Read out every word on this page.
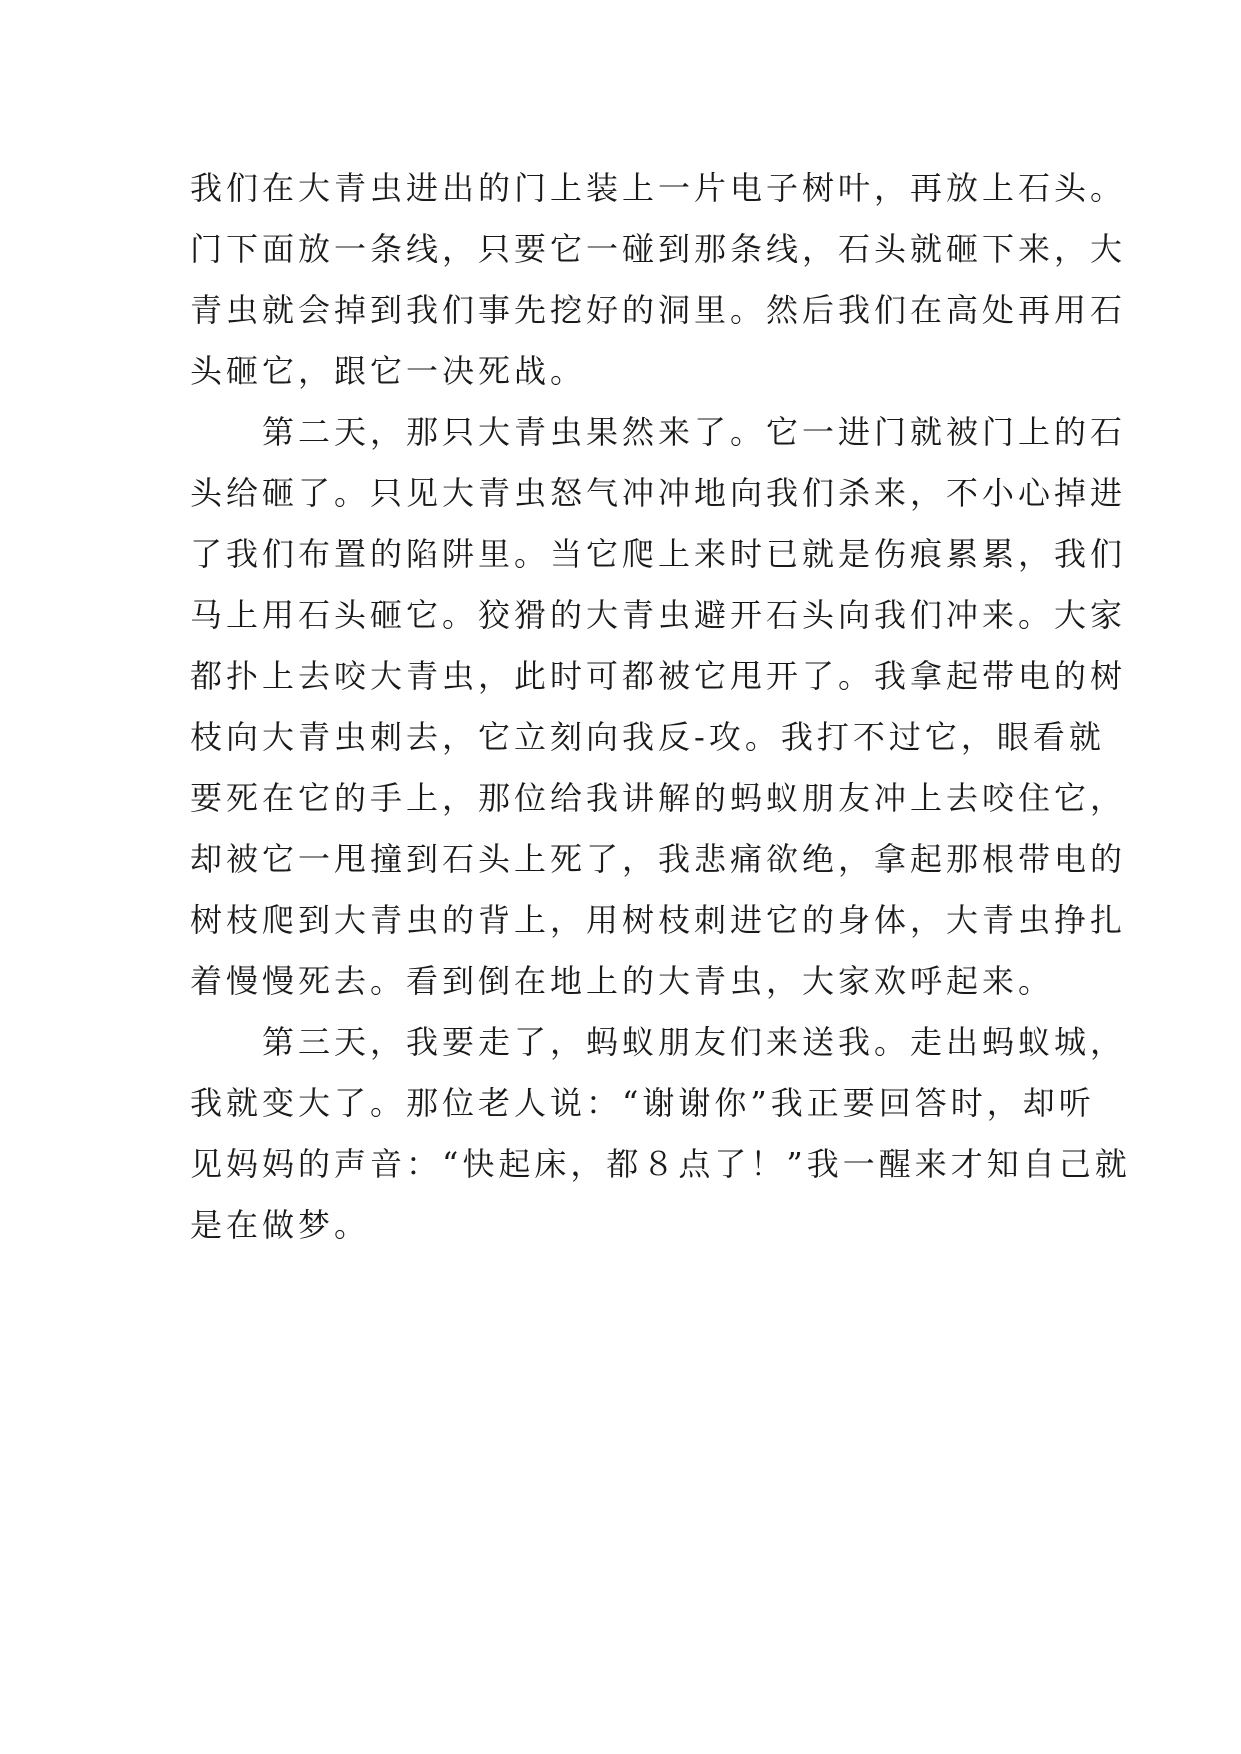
我们在大青虫进出的门上装上一片电子树叶，再放上石头。
门下面放一条线，只要它一碰到那条线，石头就砸下来，大
青虫就会掉到我们事先挖好的洞里。然后我们在高处再用石
头砸它，跟它一决死战。
　　第二天，那只大青虫果然来了。它一进门就被门上的石
头给砸了。只见大青虫怒气冲冲地向我们杀来，不小心掉进
了我们布置的陷阱里。当它爬上来时已就是伤痕累累，我们
马上用石头砸它。狡猾的大青虫避开石头向我们冲来。大家
都扑上去咬大青虫，此时可都被它甩开了。我拿起带电的树
枝向大青虫刺去，它立刻向我反-攻。我打不过它，眼看就
要死在它的手上，那位给我讲解的蚂蚁朋友冲上去咬住它，
却被它一甩撞到石头上死了，我悲痛欲绝，拿起那根带电的
树枝爬到大青虫的背上，用树枝刺进它的身体，大青虫挣扎
着慢慢死去。看到倒在地上的大青虫，大家欢呼起来。
　　第三天，我要走了，蚂蚁朋友们来送我。走出蚂蚁城，
我就变大了。那位老人说：“谢谢你”我正要回答时，却听
见妈妈的声音：“快起床，都８点了！”我一醒来才知自己就
是在做梦。
